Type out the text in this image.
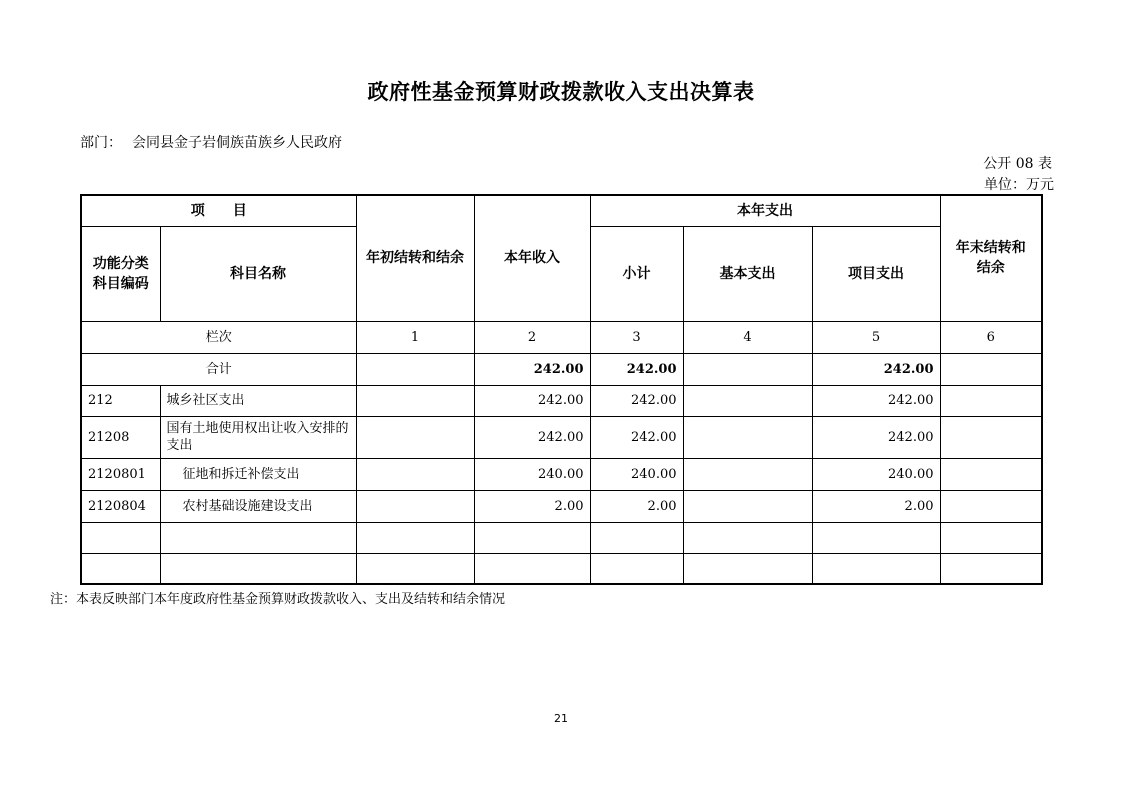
政府性基金预算财政拨款收入支出决算表
部门： 会同县金子岩侗族苗族乡人民政府
公开 08 表
单位：万元
项　　目		年初结转和结余	本年收入	本年支出			年末结转和
结余
功能分类
科目编码	科目名称			小计	基本支出	项目支出	
栏次		1	2	3	4	5	6
合计			242.00	242.00		242.00	
212	城乡社区支出		242.00	242.00		242.00	
21208	国有土地使用权出让收入安排的支出		242.00	242.00		242.00	
2120801	征地和拆迁补偿支出		240.00	240.00		240.00	
2120804	农村基础设施建设支出		2.00	2.00		2.00	

注：本表反映部门本年度政府性基金预算财政拨款收入、支出及结转和结余情况
21
